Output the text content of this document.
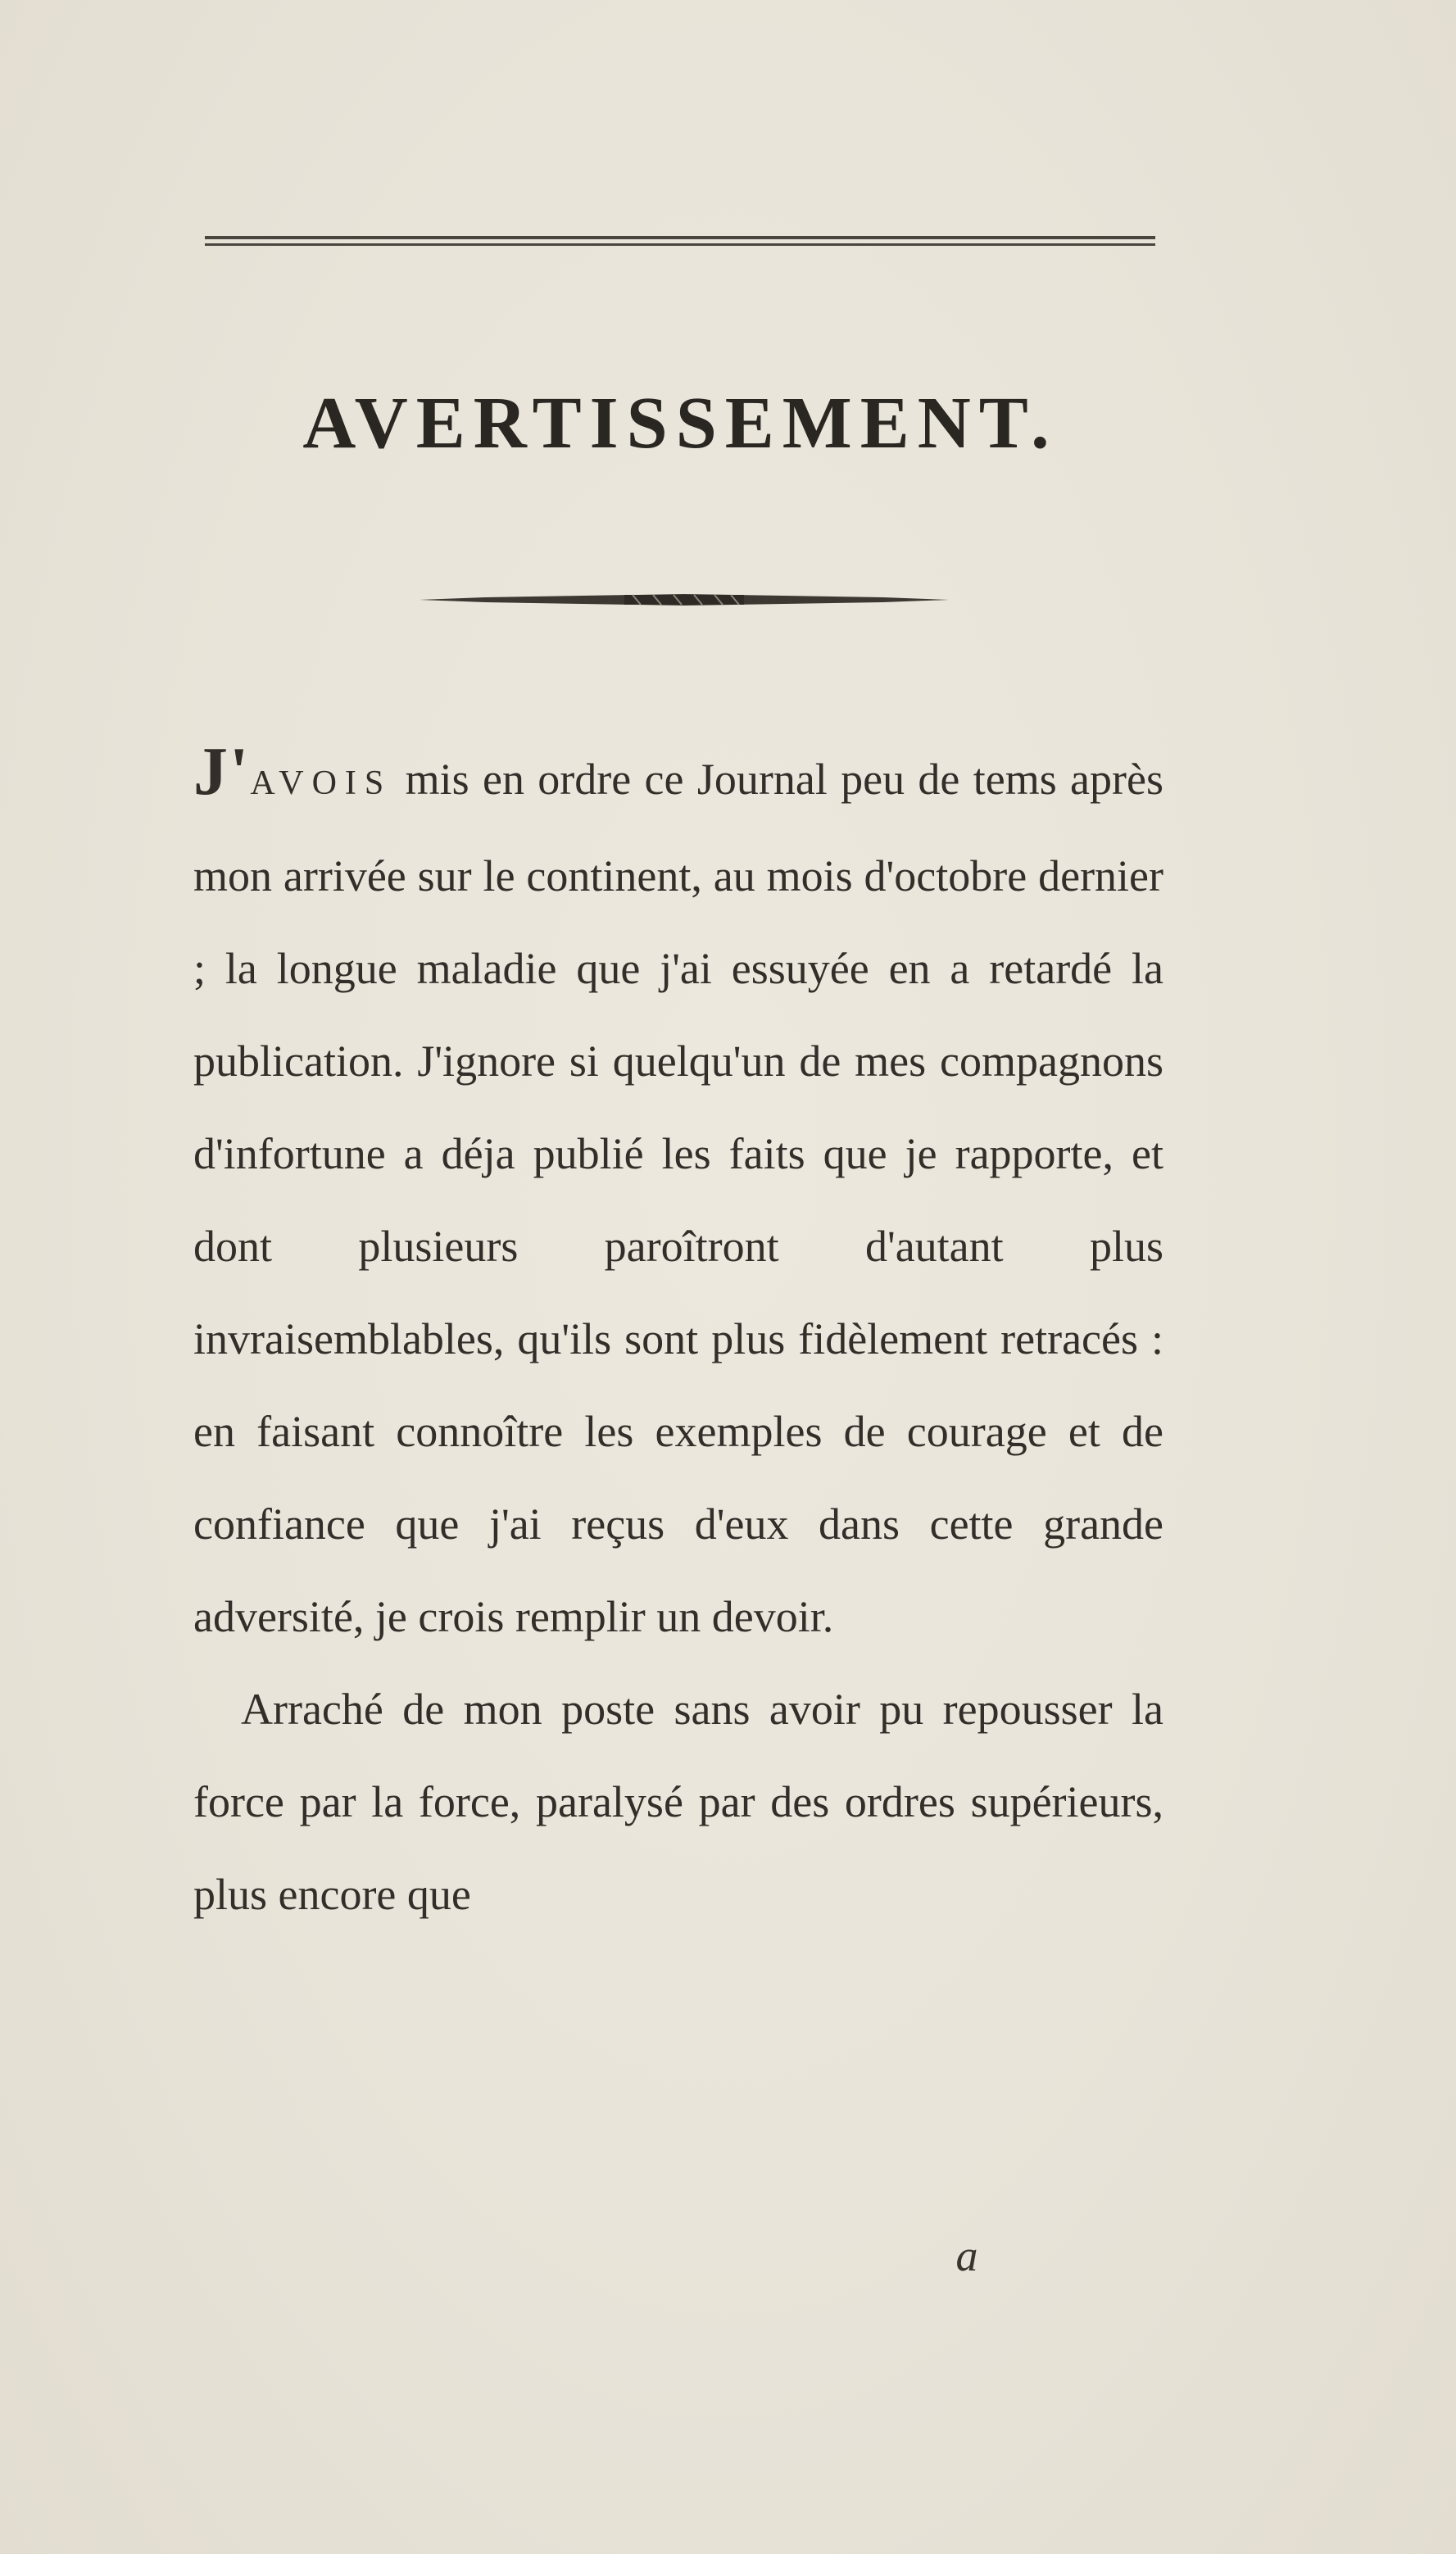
AVERTISSEMENT.

J'AVOIS mis en ordre ce Journal peu de tems après mon arrivée sur le continent, au mois d'octobre dernier ; la longue maladie que j'ai essuyée en a retardé la publication. J'ignore si quelqu'un de mes compagnons d'infortune a déja publié les faits que je rapporte, et dont plusieurs paroîtront d'autant plus invraisemblables, qu'ils sont plus fidèlement retracés : en faisant connoître les exemples de courage et de confiance que j'ai reçus d'eux dans cette grande adversité, je crois remplir un devoir.

Arraché de mon poste sans avoir pu repousser la force par la force, paralysé par des ordres supérieurs, plus encore que

a
